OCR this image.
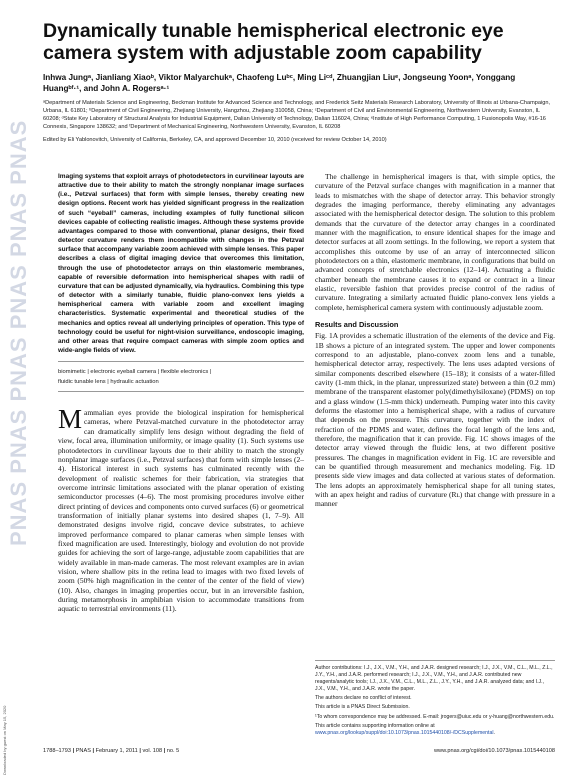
PNAS PNAS PNAS PNAS PNAS PNAS
Downloaded by guest on May 15, 2020
Dynamically tunable hemispherical electronic eye camera system with adjustable zoom capability
Inhwa Jungᵃ, Jianliang Xiaoᵇ, Viktor Malyarchukᵃ, Chaofeng Luᵇᶜ, Ming Liᶜᵈ, Zhuangjian Liuᵉ, Jongseung Yoonᵃ, Yonggang Huangᵇᶠ·¹, and John A. Rogersᵃ·¹
ᵃDepartment of Materials Science and Engineering, Beckman Institute for Advanced Science and Technology, and Frederick Seitz Materials Research Laboratory, University of Illinois at Urbana-Champaign, Urbana, IL 61801; ᵇDepartment of Civil Engineering, Zhejiang University, Hangzhou, Zhejiang 310058, China; ᶜDepartment of Civil and Environmental Engineering, Northwestern University, Evanston, IL 60208; ᵈState Key Laboratory of Structural Analysis for Industrial Equipment, Dalian University of Technology, Dalian 116024, China; ᵉInstitute of High Performance Computing, 1 Fusionopolis Way, #16-16 Connexis, Singapore 138632; and ᶠDepartment of Mechanical Engineering, Northwestern University, Evanston, IL 60208
Edited by Eli Yablonovitch, University of California, Berkeley, CA, and approved December 10, 2010 (received for review October 14, 2010)

Imaging systems that exploit arrays of photodetectors in curvilinear layouts are attractive due to their ability to match the strongly nonplanar image surfaces (i.e., Petzval surfaces) that form with simple lenses, thereby creating new design options. Recent work has yielded significant progress in the realization of such “eyeball” cameras, including examples of fully functional silicon devices capable of collecting realistic images. Although these systems provide advantages compared to those with conventional, planar designs, their fixed detector curvature renders them incompatible with changes in the Petzval surface that accompany variable zoom achieved with simple lenses. This paper describes a class of digital imaging device that overcomes this limitation, through the use of photodetector arrays on thin elastomeric membranes, capable of reversible deformation into hemispherical shapes with radii of curvature that can be adjusted dynamically, via hydraulics. Combining this type of detector with a similarly tunable, fluidic plano-convex lens yields a hemispherical camera with variable zoom and excellent imaging characteristics. Systematic experimental and theoretical studies of the mechanics and optics reveal all underlying principles of operation. This type of technology could be useful for night-vision surveillance, endoscopic imaging, and other areas that require compact cameras with simple zoom optics and wide-angle fields of view.

biomimetic | electronic eyeball camera | flexible electronics |
fluidic tunable lens | hydraulic actuation
Mammalian eyes provide the biological inspiration for hemispherical cameras, where Petzval-matched curvature in the photodetector array can dramatically simplify lens design without degrading the field of view, focal area, illumination uniformity, or image quality (1). Such systems use photodetectors in curvilinear layouts due to their ability to match the strongly nonplanar image surfaces (i.e., Petzval surfaces) that form with simple lenses (2–4). Historical interest in such systems has culminated recently with the development of realistic schemes for their fabrication, via strategies that overcome intrinsic limitations associated with the planar operation of existing semiconductor processes (4–6). The most promising procedures involve either direct printing of devices and components onto curved surfaces (6) or geometrical transformation of initially planar systems into desired shapes (1, 7–9). All demonstrated designs involve rigid, concave device substrates, to achieve improved performance compared to planar cameras when simple lenses with fixed magnification are used. Interestingly, biology and evolution do not provide guides for achieving the sort of large-range, adjustable zoom capabilities that are widely available in man-made cameras. The most relevant examples are in avian vision, where shallow pits in the retina lead to images with two fixed levels of zoom (50% high magnification in the center of the center of the field of view) (10). Also, changes in imaging properties occur, but in an irreversible fashion, during metamorphosis in amphibian vision to accommodate transitions from aquatic to terrestrial environments (11).

The challenge in hemispherical imagers is that, with simple optics, the curvature of the Petzval surface changes with magnification in a manner that leads to mismatches with the shape of detector array. This behavior strongly degrades the imaging performance, thereby eliminating any advantages associated with the hemispherical detector design. The solution to this problem demands that the curvature of the detector array changes in a coordinated manner with the magnification, to ensure identical shapes for the image and detector surfaces at all zoom settings. In the following, we report a system that accomplishes this outcome by use of an array of interconnected silicon photodetectors on a thin, elastomeric membrane, in configurations that build on advanced concepts of stretchable electronics (12–14). Actuating a fluidic chamber beneath the membrane causes it to expand or contract in a linear elastic, reversible fashion that provides precise control of the radius of curvature. Integrating a similarly actuated fluidic plano-convex lens yields a complete, hemispherical camera system with continuously adjustable zoom.

Results and Discussion

Fig. 1A provides a schematic illustration of the elements of the device and Fig. 1B shows a picture of an integrated system. The upper and lower components correspond to an adjustable, plano-convex zoom lens and a tunable, hemispherical detector array, respectively. The lens uses adapted versions of similar components described elsewhere (15–18); it consists of a water-filled cavity (1-mm thick, in the planar, unpressurized state) between a thin (0.2 mm) membrane of the transparent elastomer poly(dimethylsiloxane) (PDMS) on top and a glass window (1.5-mm thick) underneath. Pumping water into this cavity deforms the elastomer into a hemispherical shape, with a radius of curvature that depends on the pressure. This curvature, together with the index of refraction of the PDMS and water, defines the focal length of the lens and, therefore, the magnification that it can provide. Fig. 1C shows images of the detector array viewed through the fluidic lens, at two different positive pressures. The changes in magnification evident in Fig. 1C are reversible and can be quantified through measurement and mechanics modeling. Fig. 1D presents side view images and data collected at various states of deformation. The lens adopts an approximately hemispherical shape for all tuning states, with an apex height and radius of curvature (Rʟ) that change with pressure in a manner

Author contributions: I.J., J.X., V.M., Y.H., and J.A.R. designed research; I.J., J.X., V.M., C.L., M.L., Z.L., J.Y., Y.H., and J.A.R. performed research; I.J., J.X., V.M., Y.H., and J.A.R. contributed new reagents/analytic tools; I.J., J.X., V.M., C.L., M.L., Z.L., J.Y., Y.H., and J.A.R. analyzed data; and I.J., J.X., V.M., Y.H., and J.A.R. wrote the paper.

The authors declare no conflict of interest.

This article is a PNAS Direct Submission.

¹To whom correspondence may be addressed. E-mail: jrogers@uiuc.edu or y-huang@northwestern.edu.

This article contains supporting information online at www.pnas.org/lookup/suppl/doi:10.1073/pnas.1015440108/-/DCSupplemental.

1788–1793 | PNAS | February 1, 2011 | vol. 108 | no. 5	www.pnas.org/cgi/doi/10.1073/pnas.1015440108
